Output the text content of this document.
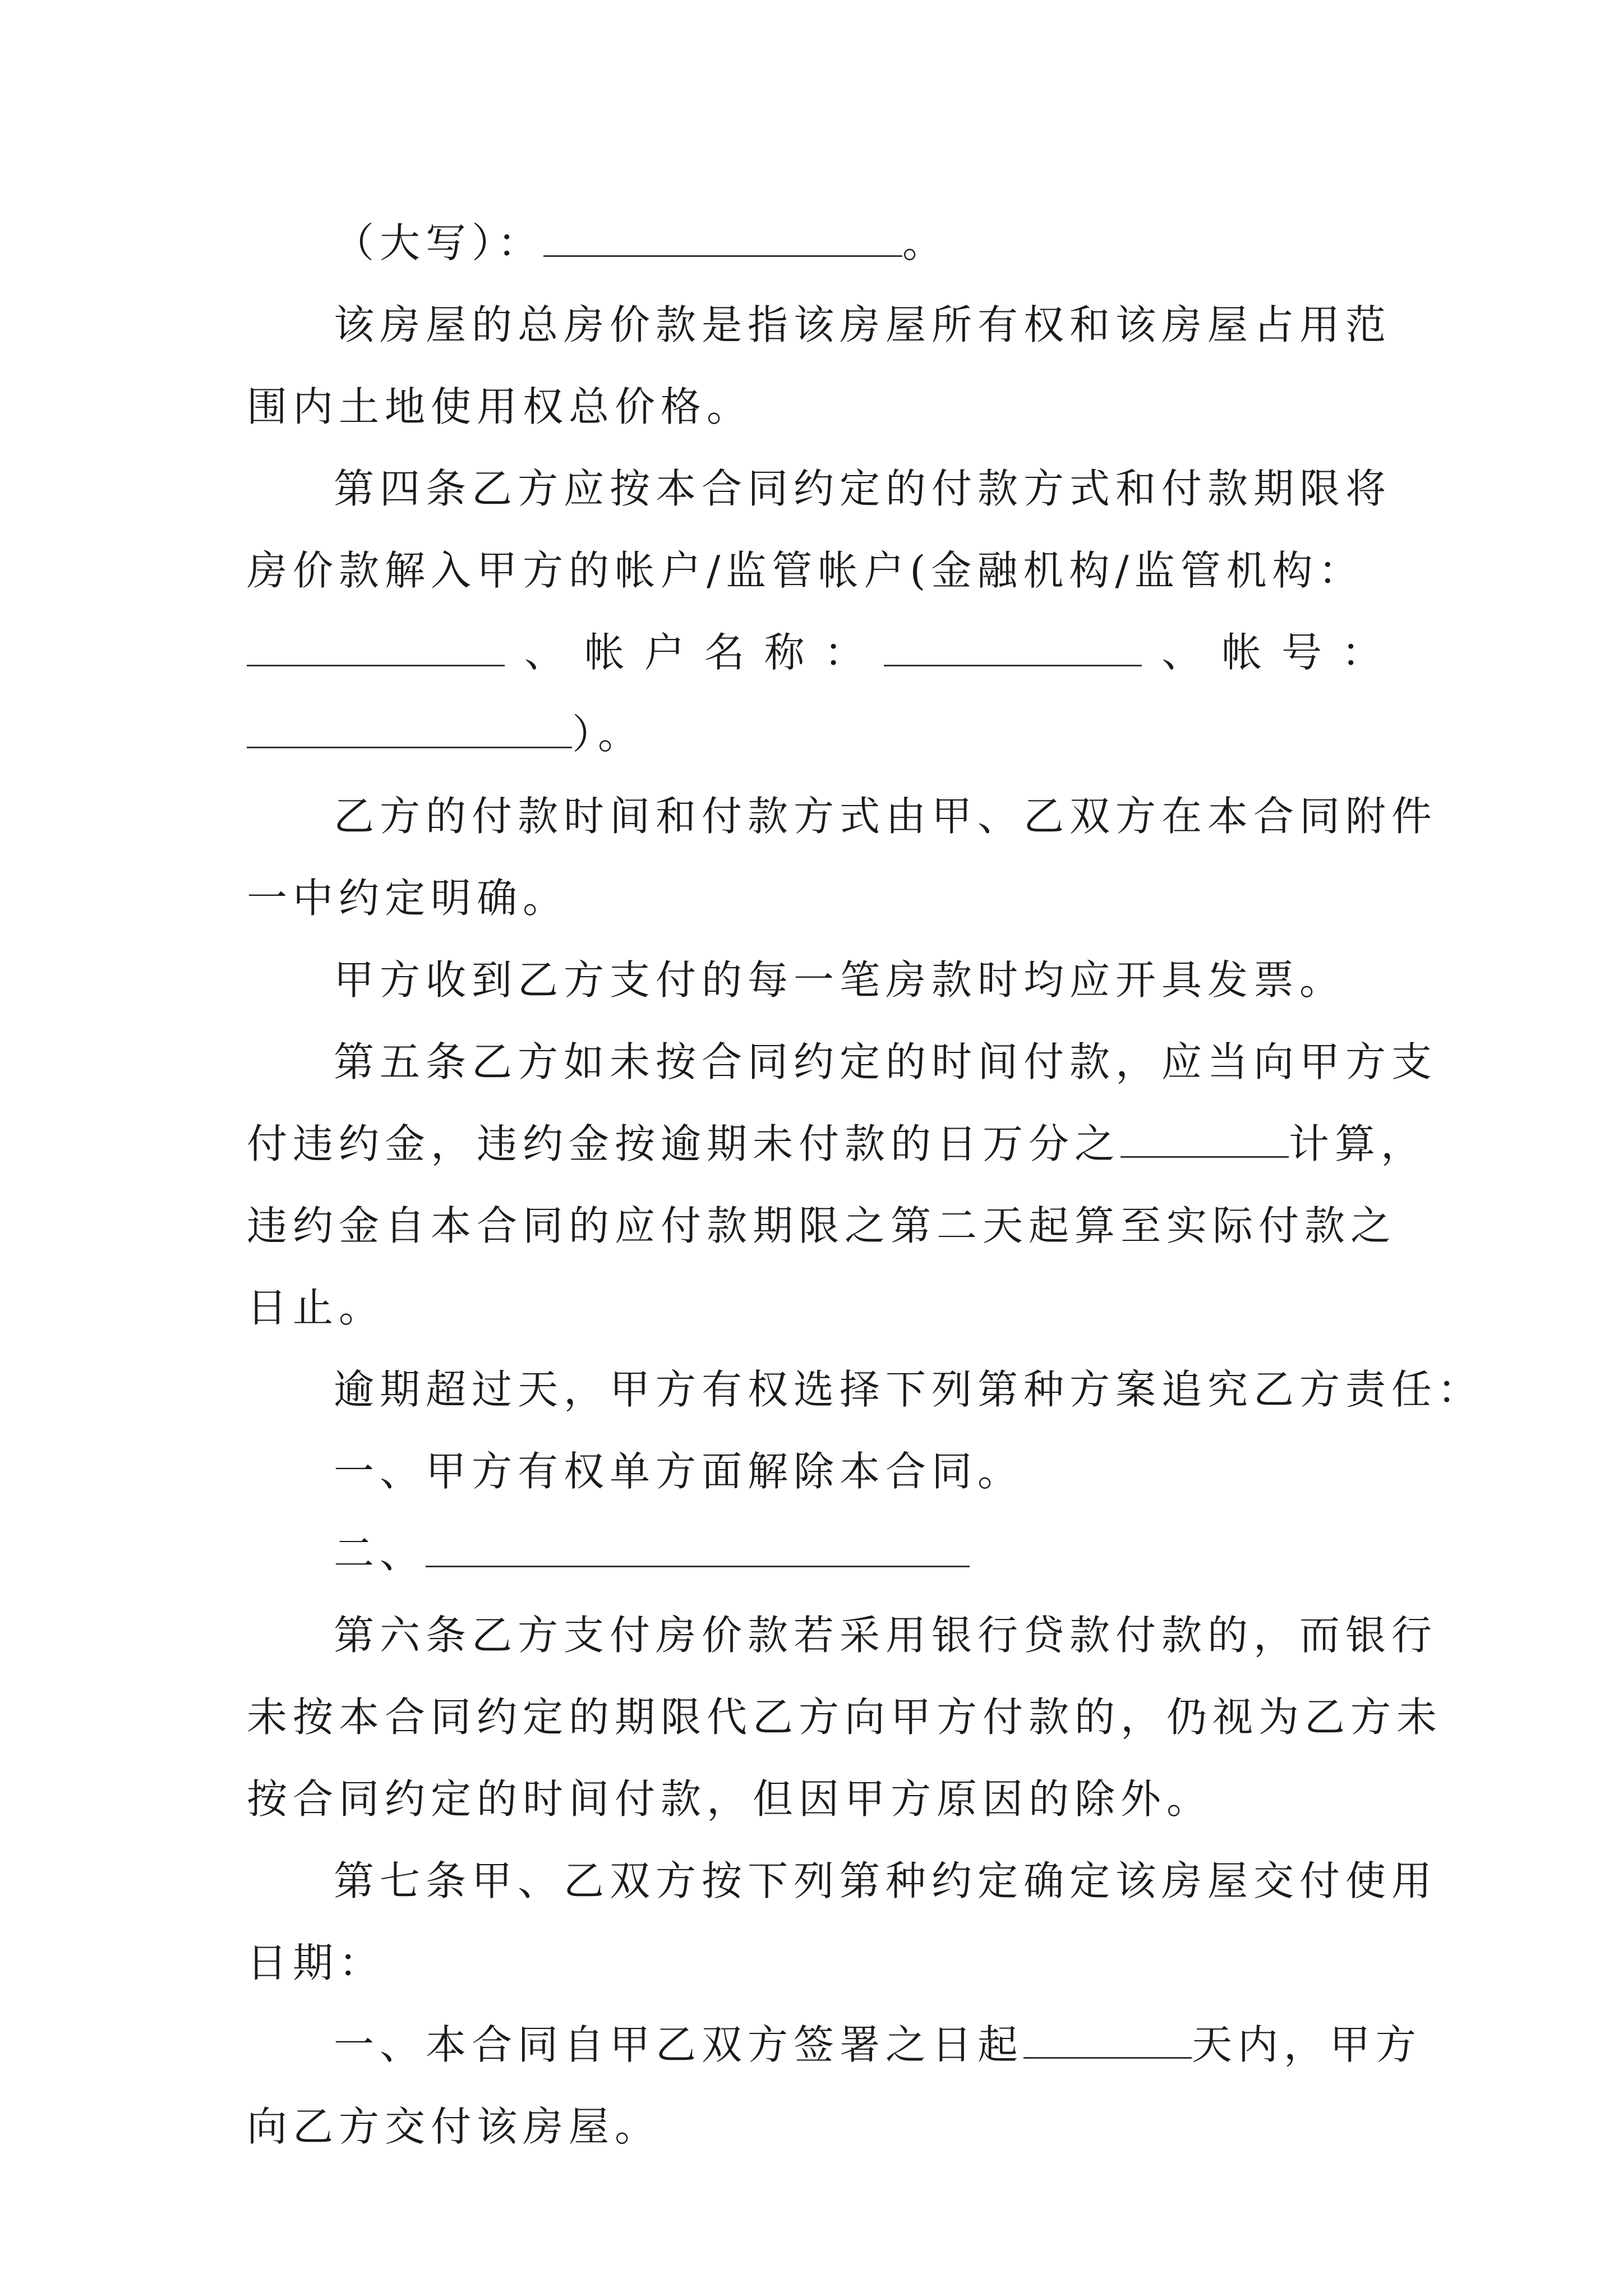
（大写）：	。
该房屋的总房价款是指该房屋所有权和该房屋占用范
围内土地使用权总价格。
第四条乙方应按本合同约定的付款方式和付款期限将
房价款解入甲方的帐户/监管帐户(金融机构/监管机构：
、 帐 户 名 称 ：	、 帐 号 ：
）。
乙方的付款时间和付款方式由甲、乙双方在本合同附件
一中约定明确。
甲方收到乙方支付的每一笔房款时均应开具发票。
第五条乙方如未按合同约定的时间付款，应当向甲方支
付违约金，违约金按逾期未付款的日万分之	计算，
违约金自本合同的应付款期限之第二天起算至实际付款之
日止。
逾期超过天，甲方有权选择下列第种方案追究乙方责任：
一、甲方有权单方面解除本合同。
二、
第六条乙方支付房价款若采用银行贷款付款的，而银行
未按本合同约定的期限代乙方向甲方付款的，仍视为乙方未
按合同约定的时间付款，但因甲方原因的除外。
第七条甲、乙双方按下列第种约定确定该房屋交付使用
日期：
一、本合同自甲乙双方签署之日起	天内，甲方
向乙方交付该房屋。
